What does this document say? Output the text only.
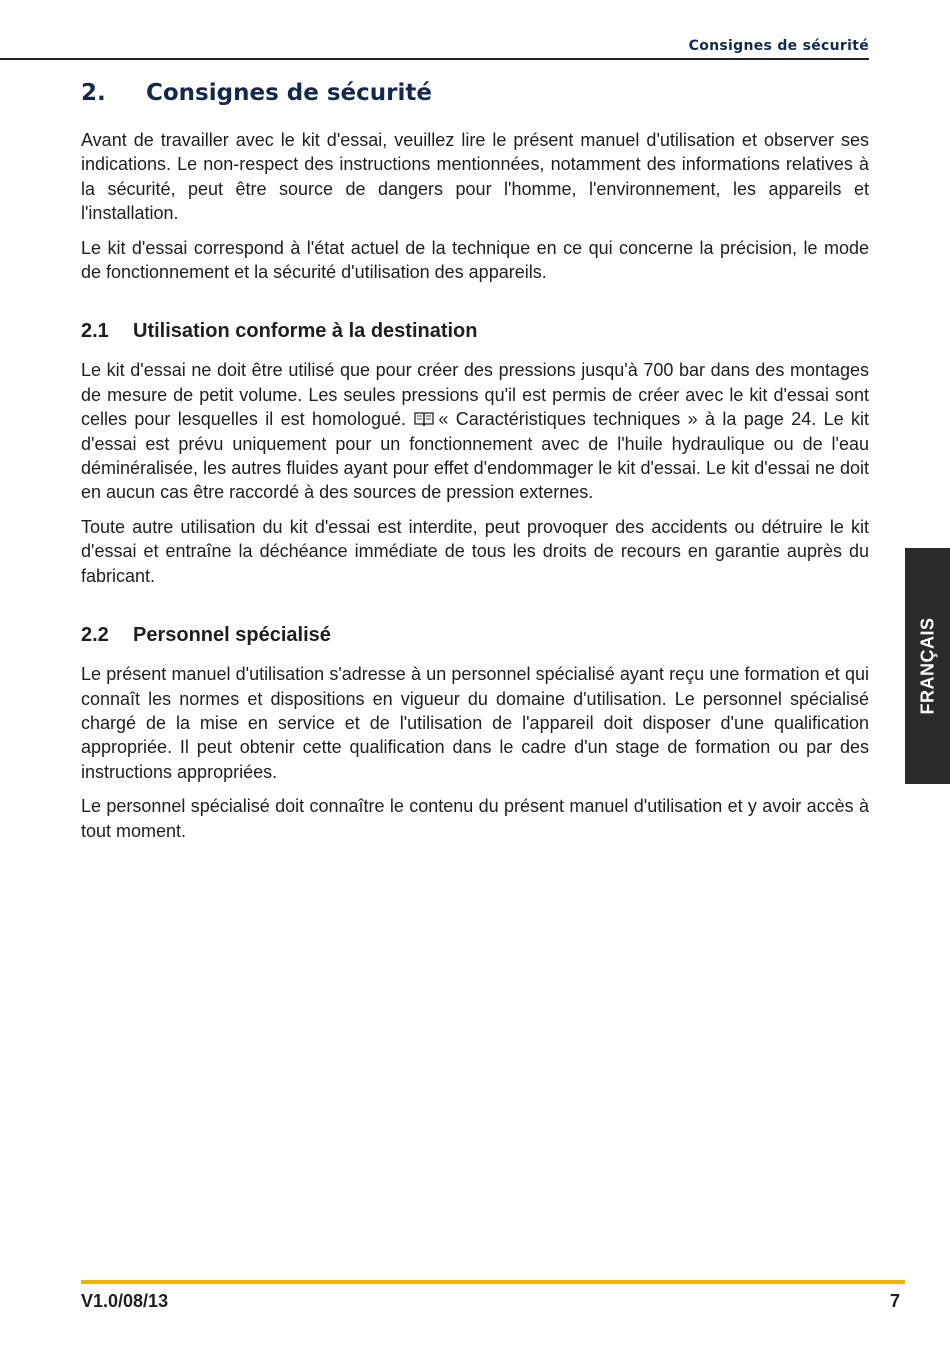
Consignes de sécurité
2. Consignes de sécurité

Avant de travailler avec le kit d'essai, veuillez lire le présent manuel d'utilisation et observer ses indications. Le non-respect des instructions mentionnées, notamment des informations relatives à la sécurité, peut être source de dangers pour l'homme, l'environnement, les appareils et l'installation.

Le kit d'essai correspond à l'état actuel de la technique en ce qui concerne la précision, le mode de fonctionnement et la sécurité d'utilisation des appareils.

2.1 Utilisation conforme à la destination

Le kit d'essai ne doit être utilisé que pour créer des pressions jusqu'à 700 bar dans des montages de mesure de petit volume. Les seules pressions qu'il est permis de créer avec le kit d'essai sont celles pour lesquelles il est homologué. « Caractéristiques techniques » à la page 24. Le kit d'essai est prévu uniquement pour un fonctionnement avec de l'huile hydraulique ou de l'eau déminéralisée, les autres fluides ayant pour effet d'endommager le kit d'essai. Le kit d'essai ne doit en aucun cas être raccordé à des sources de pression externes.

Toute autre utilisation du kit d'essai est interdite, peut provoquer des accidents ou détruire le kit d'essai et entraîne la déchéance immédiate de tous les droits de recours en garantie auprès du fabricant.

2.2 Personnel spécialisé

Le présent manuel d'utilisation s'adresse à un personnel spécialisé ayant reçu une formation et qui connaît les normes et dispositions en vigueur du domaine d'utilisation. Le personnel spécialisé chargé de la mise en service et de l'utilisation de l'appareil doit disposer d'une qualification appropriée. Il peut obtenir cette qualification dans le cadre d'un stage de formation ou par des instructions appropriées.

Le personnel spécialisé doit connaître le contenu du présent manuel d'utilisation et y avoir accès à tout moment.

FRANÇAIS
V1.0/08/13	7
